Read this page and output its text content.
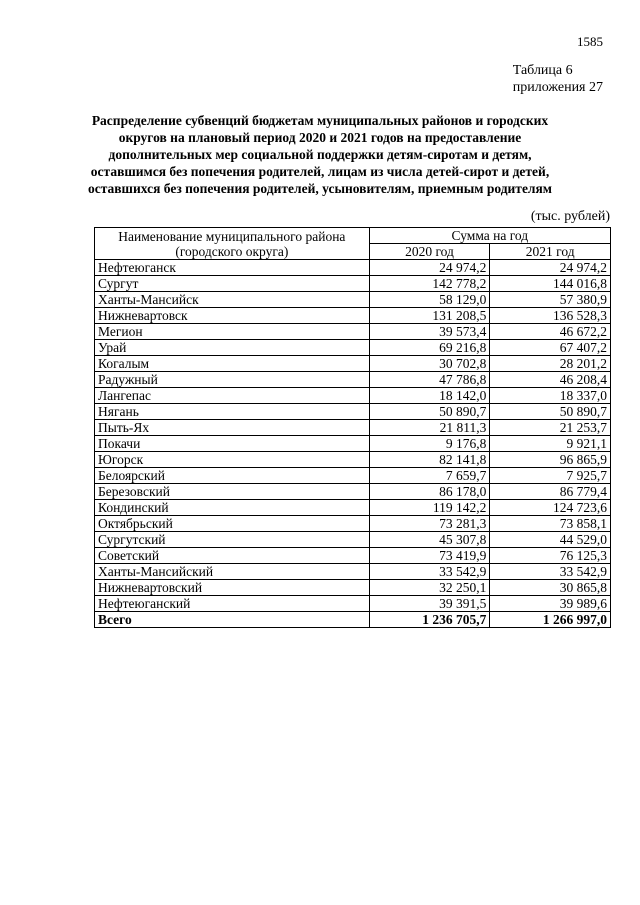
1585
Таблица 6
приложения 27
Распределение субвенций бюджетам муниципальных районов и городских
округов на плановый период 2020 и 2021 годов на предоставление
дополнительных мер социальной поддержки детям-сиротам и детям,
оставшимся без попечения родителей, лицам из числа детей-сирот и детей,
оставшихся без попечения родителей, усыновителям, приемным родителям
(тыс. рублей)
Наименование муниципального района
(городского округа)	Сумма на год	
	2020 год	2021 год
Нефтеюганск	24 974,2	24 974,2
Сургут	142 778,2	144 016,8
Ханты-Мансийск	58 129,0	57 380,9
Нижневартовск	131 208,5	136 528,3
Мегион	39 573,4	46 672,2
Урай	69 216,8	67 407,2
Когалым	30 702,8	28 201,2
Радужный	47 786,8	46 208,4
Лангепас	18 142,0	18 337,0
Нягань	50 890,7	50 890,7
Пыть-Ях	21 811,3	21 253,7
Покачи	9 176,8	9 921,1
Югорск	82 141,8	96 865,9
Белоярский	7 659,7	7 925,7
Березовский	86 178,0	86 779,4
Кондинский	119 142,2	124 723,6
Октябрьский	73 281,3	73 858,1
Сургутский	45 307,8	44 529,0
Советский	73 419,9	76 125,3
Ханты-Мансийский	33 542,9	33 542,9
Нижневартовский	32 250,1	30 865,8
Нефтеюганский	39 391,5	39 989,6
Всего	1 236 705,7	1 266 997,0
